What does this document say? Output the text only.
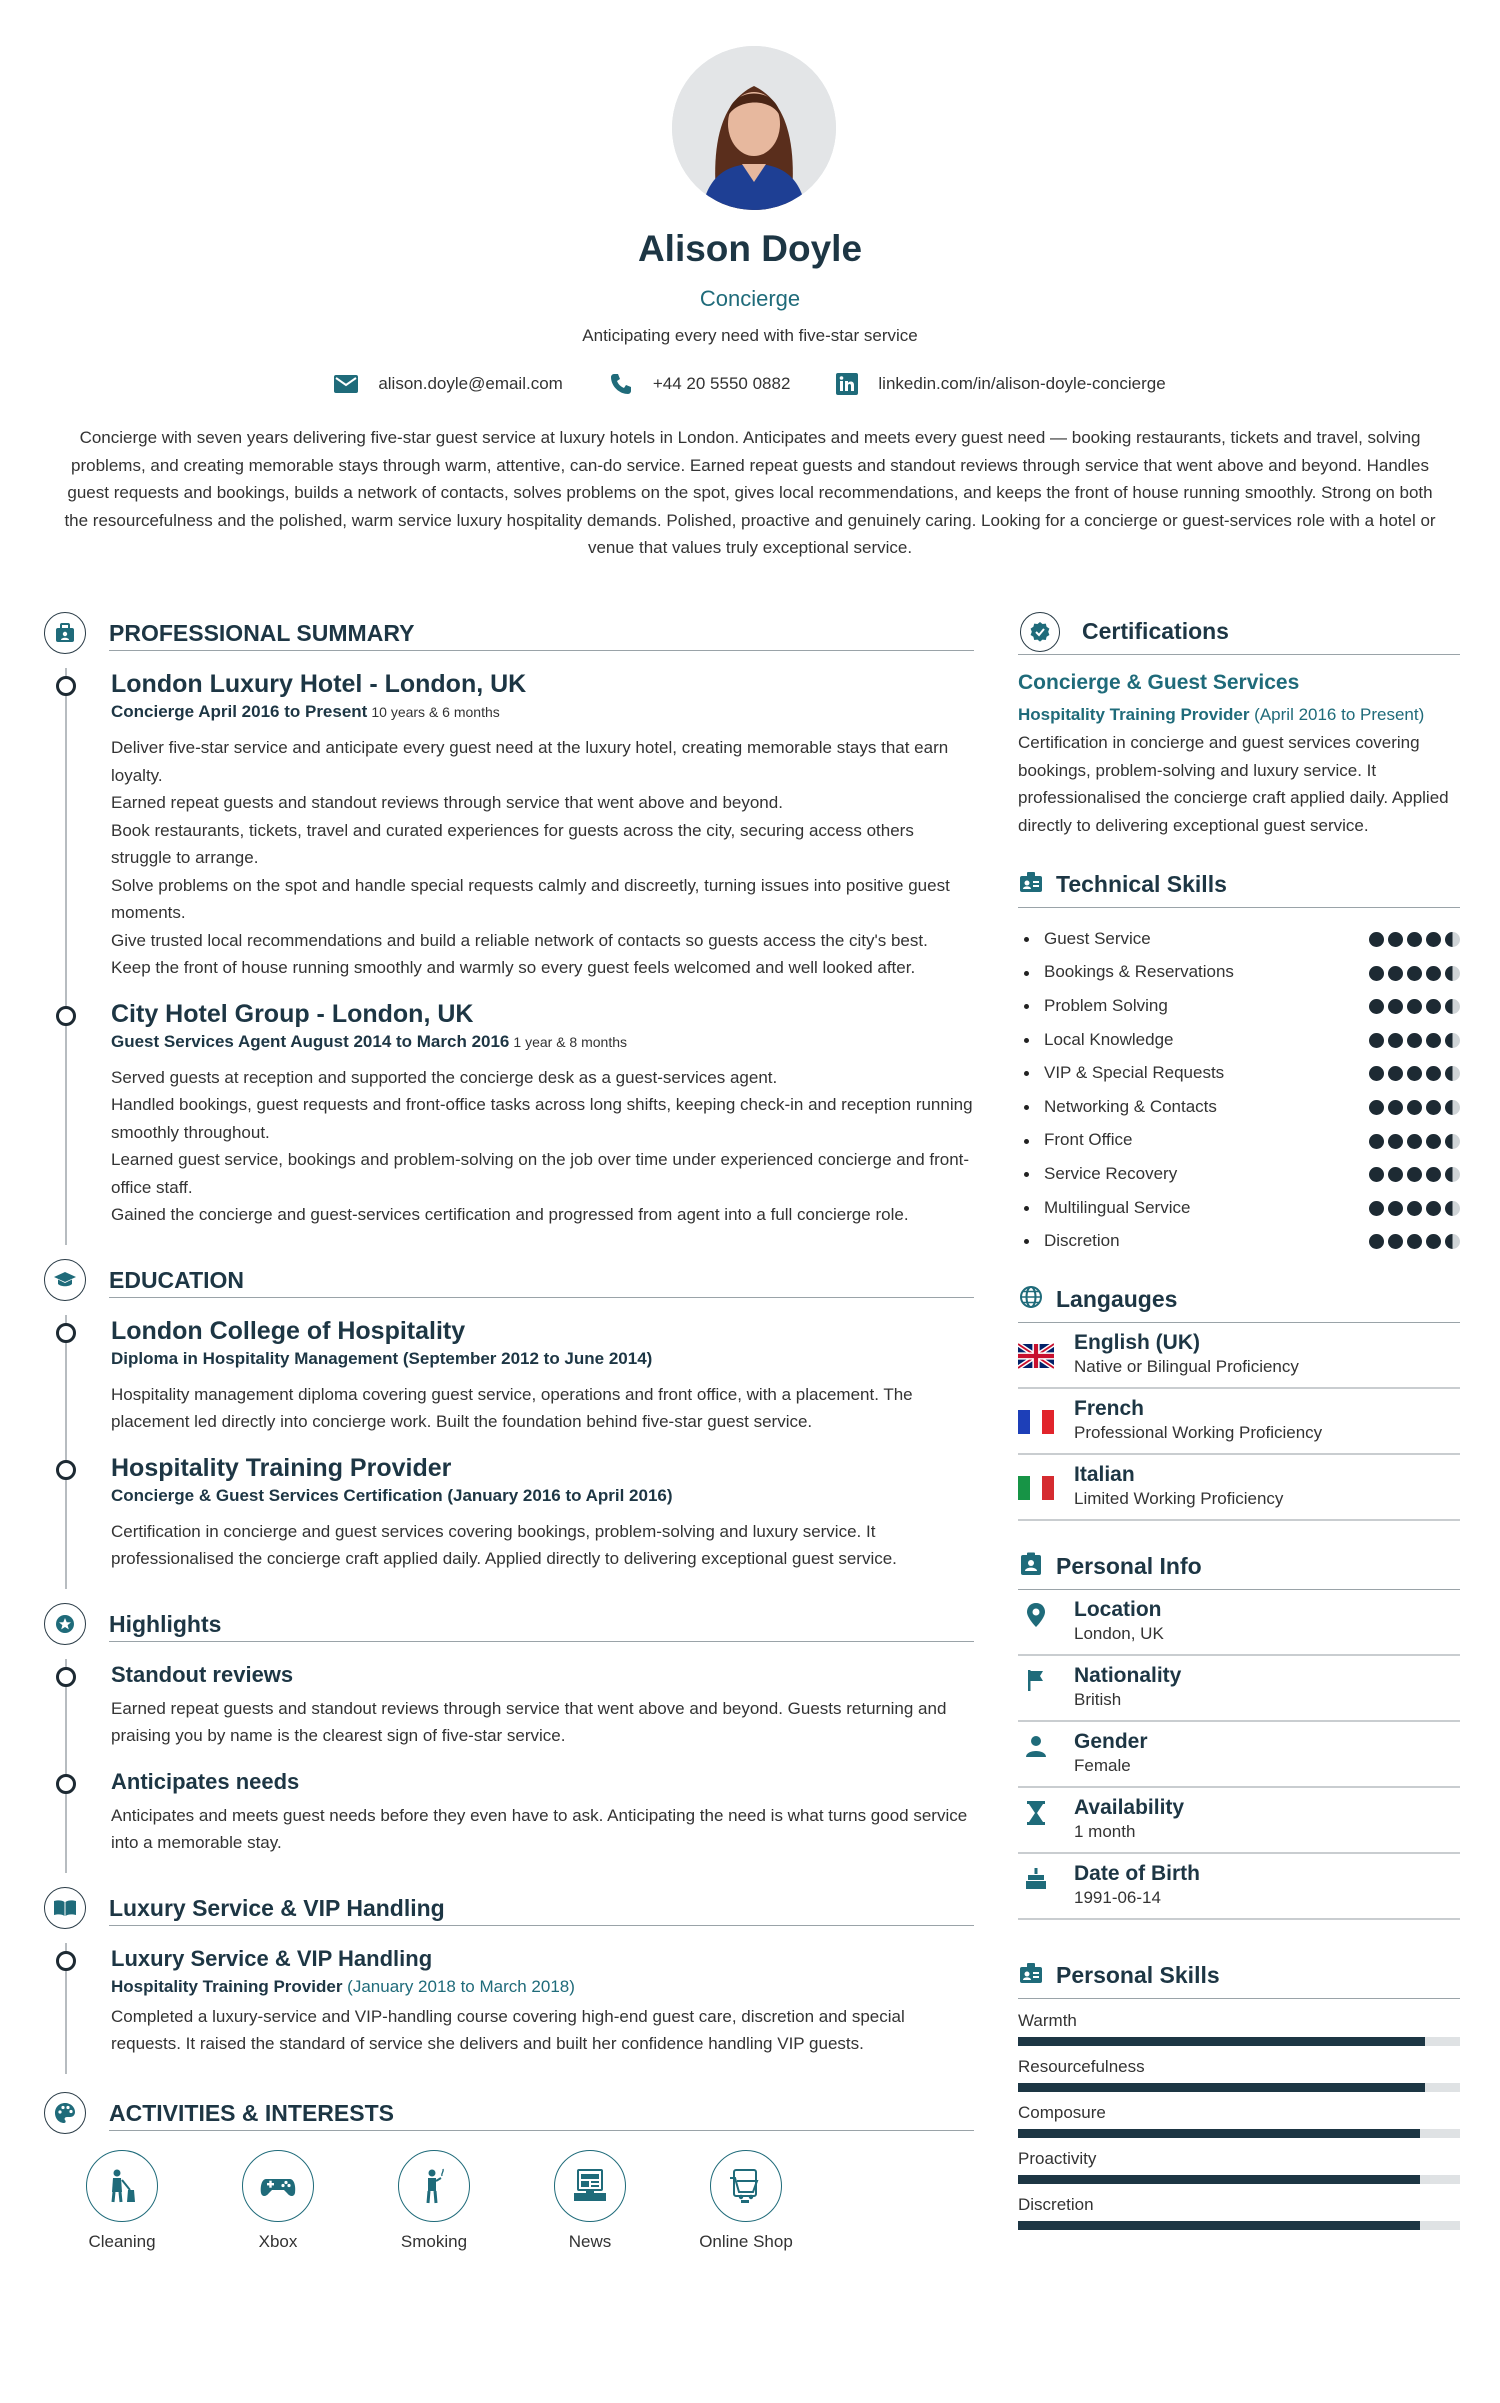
Alison Doyle
Concierge
Anticipating every need with five-star service
alison.doyle@email.com	+44 20 5550 0882	linkedin.com/in/alison-doyle-concierge
Concierge with seven years delivering five-star guest service at luxury hotels in London. Anticipates and meets every guest need — booking restaurants, tickets and travel, solving problems, and creating memorable stays through warm, attentive, can-do service. Earned repeat guests and standout reviews through service that went above and beyond. Handles guest requests and bookings, builds a network of contacts, solves problems on the spot, gives local recommendations, and keeps the front of house running smoothly. Strong on both the resourcefulness and the polished, warm service luxury hospitality demands. Polished, proactive and genuinely caring. Looking for a concierge or guest-services role with a hotel or venue that values truly exceptional service.
PROFESSIONAL SUMMARY
London Luxury Hotel - London, UK
Concierge April 2016 to Present 10 years & 6 months

Deliver five-star service and anticipate every guest need at the luxury hotel, creating memorable stays that earn loyalty.

Earned repeat guests and standout reviews through service that went above and beyond.

Book restaurants, tickets, travel and curated experiences for guests across the city, securing access others struggle to arrange.

Solve problems on the spot and handle special requests calmly and discreetly, turning issues into positive guest moments.

Give trusted local recommendations and build a reliable network of contacts so guests access the city's best.

Keep the front of house running smoothly and warmly so every guest feels welcomed and well looked after.

City Hotel Group - London, UK
Guest Services Agent August 2014 to March 2016 1 year & 8 months

Served guests at reception and supported the concierge desk as a guest-services agent.

Handled bookings, guest requests and front-office tasks across long shifts, keeping check-in and reception running smoothly throughout.

Learned guest service, bookings and problem-solving on the job over time under experienced concierge and front-office staff.

Gained the concierge and guest-services certification and progressed from agent into a full concierge role.

EDUCATION
London College of Hospitality
Diploma in Hospitality Management (September 2012 to June 2014)
Hospitality management diploma covering guest service, operations and front office, with a placement. The placement led directly into concierge work. Built the foundation behind five-star guest service.
Hospitality Training Provider
Concierge & Guest Services Certification (January 2016 to April 2016)
Certification in concierge and guest services covering bookings, problem-solving and luxury service. It professionalised the concierge craft applied daily. Applied directly to delivering exceptional guest service.
Highlights
Standout reviews
Earned repeat guests and standout reviews through service that went above and beyond. Guests returning and praising you by name is the clearest sign of five-star service.
Anticipates needs
Anticipates and meets guest needs before they even have to ask. Anticipating the need is what turns good service into a memorable stay.
Luxury Service & VIP Handling
Luxury Service & VIP Handling
Hospitality Training Provider (January 2018 to March 2018)
Completed a luxury-service and VIP-handling course covering high-end guest care, discretion and special requests. It raised the standard of service she delivers and built her confidence handling VIP guests.
ACTIVITIES & INTERESTS
Cleaning	Xbox	Smoking	News	Online Shop
Certifications
Concierge & Guest Services
Hospitality Training Provider (April 2016 to Present)
Certification in concierge and guest services covering bookings, problem-solving and luxury service. It professionalised the concierge craft applied daily. Applied directly to delivering exceptional guest service.
Technical Skills
Guest Service
Bookings & Reservations
Problem Solving
Local Knowledge
VIP & Special Requests
Networking & Contacts
Front Office
Service Recovery
Multilingual Service
Discretion
Langauges
English (UK)
Native or Bilingual Proficiency
French
Professional Working Proficiency
Italian
Limited Working Proficiency
Personal Info
Location
London, UK
Nationality
British
Gender
Female
Availability
1 month
Date of Birth
1991-06-14
Personal Skills
Warmth
Resourcefulness
Composure
Proactivity
Discretion
